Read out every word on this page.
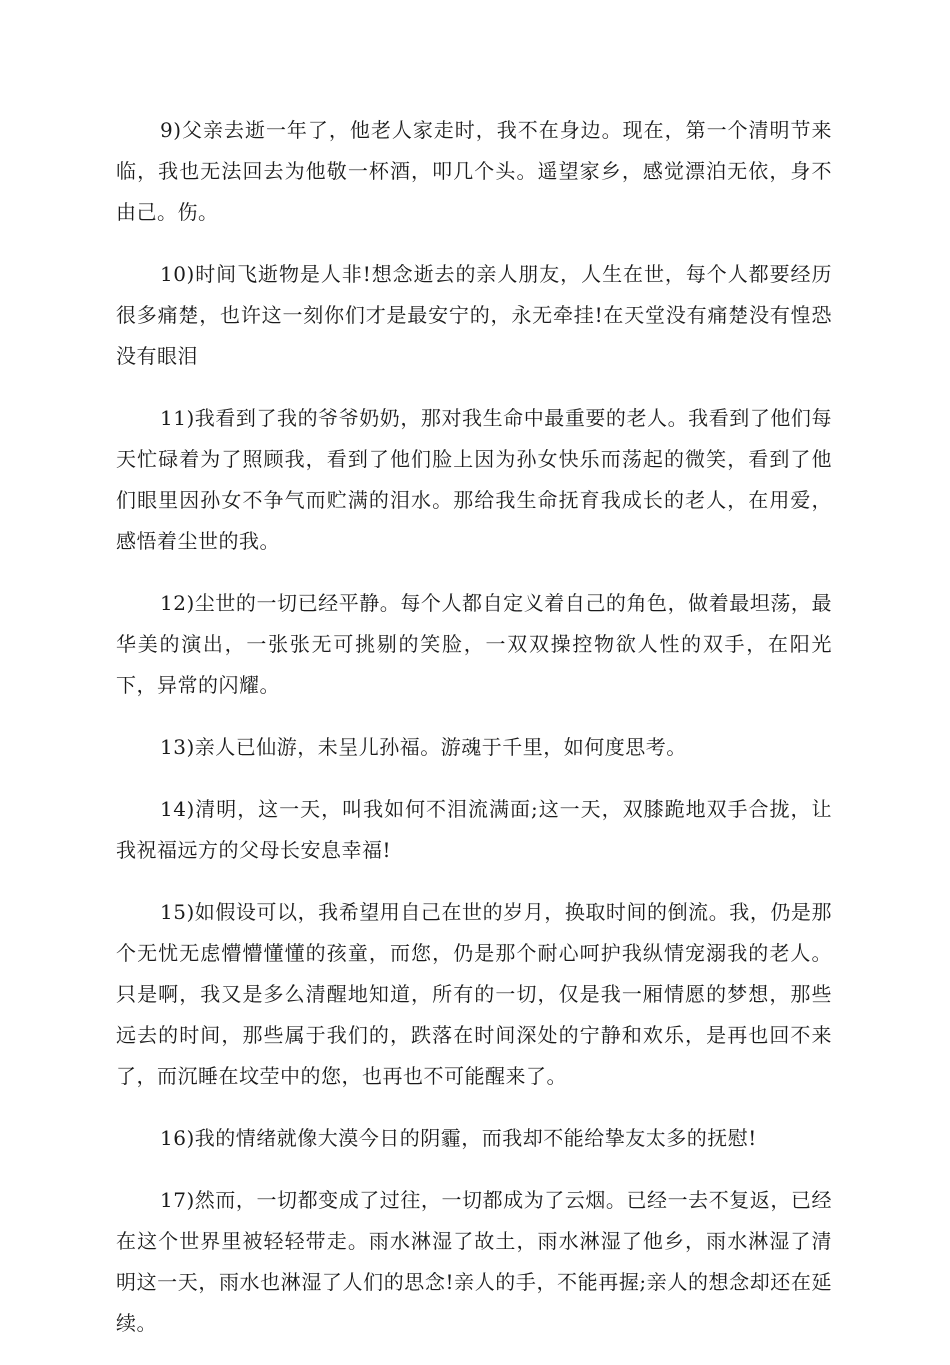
9)父亲去逝一年了，他老人家走时，我不在身边。现在，第一个清明节来临，我也无法回去为他敬一杯酒，叩几个头。遥望家乡，感觉漂泊无依，身不由己。伤。

10)时间飞逝物是人非!想念逝去的亲人朋友，人生在世，每个人都要经历很多痛楚，也许这一刻你们才是最安宁的，永无牵挂!在天堂没有痛楚没有惶恐没有眼泪

11)我看到了我的爷爷奶奶，那对我生命中最重要的老人。我看到了他们每天忙碌着为了照顾我，看到了他们脸上因为孙女快乐而荡起的微笑，看到了他们眼里因孙女不争气而贮满的泪水。那给我生命抚育我成长的老人，在用爱，感悟着尘世的我。

12)尘世的一切已经平静。每个人都自定义着自己的角色，做着最坦荡，最华美的演出，一张张无可挑剔的笑脸，一双双操控物欲人性的双手，在阳光下，异常的闪耀。

13)亲人已仙游，未呈儿孙福。游魂于千里，如何度思考。

14)清明，这一天，叫我如何不泪流满面;这一天，双膝跪地双手合拢，让我祝福远方的父母长安息幸福!

15)如假设可以，我希望用自己在世的岁月，换取时间的倒流。我，仍是那个无忧无虑懵懵懂懂的孩童，而您，仍是那个耐心呵护我纵情宠溺我的老人。只是啊，我又是多么清醒地知道，所有的一切，仅是我一厢情愿的梦想，那些远去的时间，那些属于我们的，跌落在时间深处的宁静和欢乐，是再也回不来了，而沉睡在坟茔中的您，也再也不可能醒来了。

16)我的情绪就像大漠今日的阴霾，而我却不能给挚友太多的抚慰!

17)然而，一切都变成了过往，一切都成为了云烟。已经一去不复返，已经在这个世界里被轻轻带走。雨水淋湿了故土，雨水淋湿了他乡，雨水淋湿了清明这一天，雨水也淋湿了人们的思念!亲人的手，不能再握;亲人的想念却还在延续。
